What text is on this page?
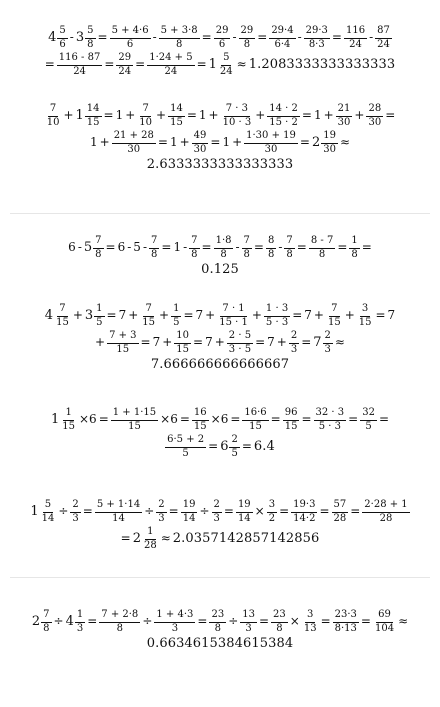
$4 \frac{5}{6} - 3 \frac{5}{8} = \frac{5 + 4\cdot 6}{6} - \frac{5 + 3\cdot 8}{8} = \frac{29}{6} - \frac{29}{8} = \frac{29\cdot 4}{6\cdot 4} - \frac{29\cdot 3}{8\cdot 3} = \frac{116}{24} - \frac{87}{24}$
= $\frac{116 - 87}{24} = \frac{29}{24} = \frac{1\cdot 24 + 5}{24} = 1 \frac{5}{24} \approx 1.2083333333333333$
$\frac{7}{10} + 1 \frac{14}{15} = 1 + \frac{7}{10} + \frac{14}{15} = 1 + \frac{7 \cdot 3}{10 \cdot 3} + \frac{14 \cdot 2}{15 \cdot 2} = 1 + \frac{21}{30} + \frac{28}{30}$ =
$1 + \frac{21 + 28}{30} = 1 + \frac{49}{30} = 1 + \frac{1\cdot 30 + 19}{30} = 2 \frac{19}{30}$ ≈
2.6333333333333333
$6 - 5 \frac{7}{8} = 6 - 5 - \frac{7}{8} = 1 - \frac{7}{8} = \frac{1\cdot 8}{8} - \frac{7}{8} = \frac{8}{8} - \frac{7}{8} = \frac{8 - 7}{8} = \frac{1}{8}$ =
0.125
$4 \frac{7}{15} + 3 \frac{1}{5} = 7 + \frac{7}{15} + \frac{1}{5} = 7 + \frac{7 \cdot 1}{15 \cdot 1} + \frac{1 \cdot 3}{5 \cdot 3} = 7 + \frac{7}{15} + \frac{3}{15} = 7$
+ $\frac{7 + 3}{15} = 7 + \frac{10}{15} = 7 + \frac{2 \cdot 5}{3 \cdot 5} = 7 + \frac{2}{3} = 7 \frac{2}{3}$ ≈
7.666666666666667
$1 \frac{1}{15} \times 6 = \frac{1 + 1\cdot 15}{15} \times 6 = \frac{16}{15} \times 6 = \frac{16\cdot 6}{15} = \frac{96}{15} = \frac{32 \cdot 3}{5 \cdot 3} = \frac{32}{5}$ =
$\frac{6\cdot 5 + 2}{5} = 6 \frac{2}{5} = 6.4$
$1 \frac{5}{14} \div \frac{2}{3} = \frac{5 + 1\cdot 14}{14} \div \frac{2}{3} = \frac{19}{14} \div \frac{2}{3} = \frac{19}{14} \times \frac{3}{2} = \frac{19\cdot 3}{14\cdot 2} = \frac{57}{28} = \frac{2\cdot 28 + 1}{28}$
= $2 \frac{1}{28} \approx 2.0357142857142856$
$2 \frac{7}{8} \div 4 \frac{1}{3} = \frac{7 + 2\cdot 8}{8} \div \frac{1 + 4\cdot 3}{3} = \frac{23}{8} \div \frac{13}{3} = \frac{23}{8} \times \frac{3}{13} = \frac{23\cdot 3}{8\cdot 13} = \frac{69}{104}$ ≈
0.6634615384615384
